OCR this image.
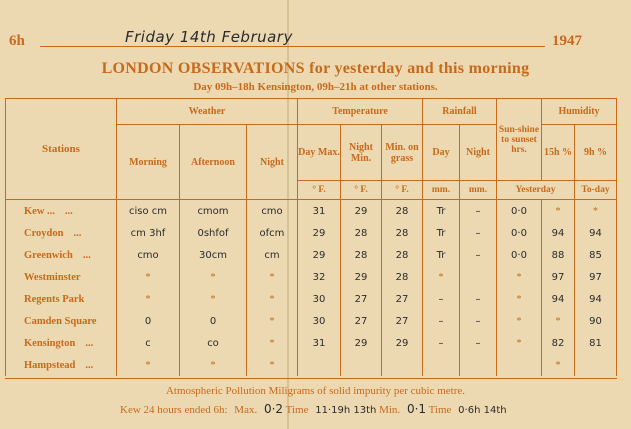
6h	Friday 14th February	1947
LONDON OBSERVATIONS for yesterday and this morning
Day 09h–18h Kensington, 09h–21h at other stations.
Stations	Weather			Temperature			Rainfall		Sun-shine to sunset hrs.	Humidity	
	Morning	Afternoon	Night	Day Max.	Night Min.	Min. on grass	Day	Night		15h %	9h %
				° F.	° F.	° F.	mm.	mm.	Yesterday		To-day
Kew ... ...	ciso cm	cmom	cmo	31	29	28	Tr	–	0·0	*	*
Croydon ...	cm 3hf	0shfof	ofcm	29	28	28	Tr	–	0·0	94	94
Greenwich ...	cmo	30cm	cm	29	28	28	Tr	–	0·0	88	85
Westminster	*	*	*	32	29	28	*		*	97	97
Regents Park	*	*	*	30	27	27	–	–	*	94	94
Camden Square	0	0	*	30	27	27	–	–	*	*	90
Kensington ...	c	co	*	31	29	29	–	–	*	82	81
Hampstead ...	*	*	*							*	
Atmospheric Pollution Miligrams of solid impurity per cubic metre.
Kew 24 hours ended 6h: Max. 0·2 Time 11·19h 13th Min. 0·1 Time 0·6h 14th
